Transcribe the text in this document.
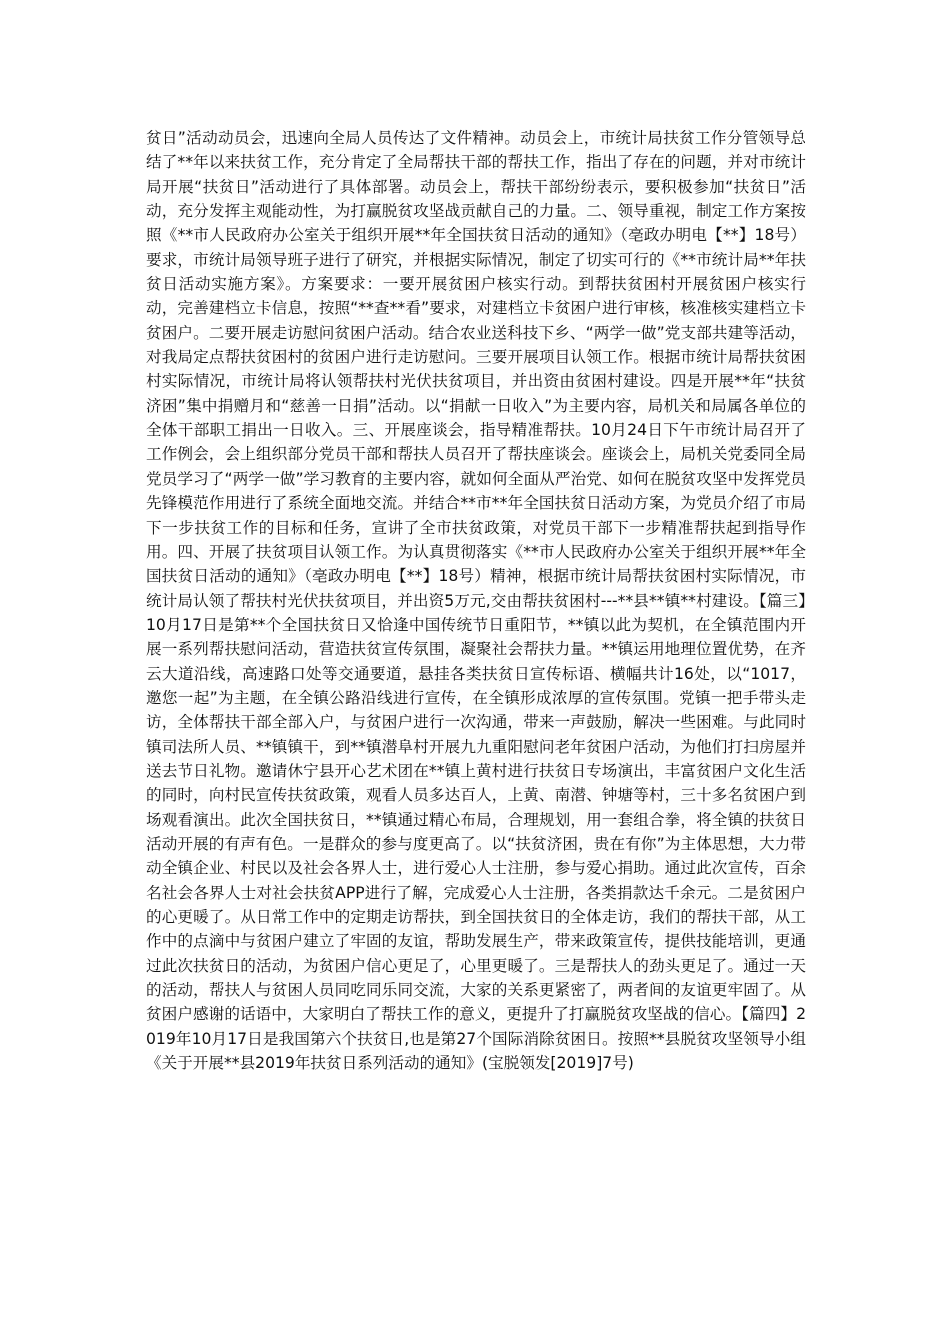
贫日”活动动员会，迅速向全局人员传达了文件精神。动员会上，市统计局扶贫工作分管领导总结了**年以来扶贫工作，充分肯定了全局帮扶干部的帮扶工作，指出了存在的问题，并对市统计局开展“扶贫日”活动进行了具体部署。动员会上，帮扶干部纷纷表示，要积极参加“扶贫日”活动，充分发挥主观能动性，为打赢脱贫攻坚战贡献自己的力量。二、领导重视，制定工作方案按照《**市人民政府办公室关于组织开展**年全国扶贫日活动的通知》（亳政办明电【**】18号）要求，市统计局领导班子进行了研究，并根据实际情况，制定了切实可行的《**市统计局**年扶贫日活动实施方案》。方案要求：一要开展贫困户核实行动。到帮扶贫困村开展贫困户核实行动，完善建档立卡信息，按照“**查**看”要求，对建档立卡贫困户进行审核，核准核实建档立卡贫困户。二要开展走访慰问贫困户活动。结合农业送科技下乡、“两学一做”党支部共建等活动，对我局定点帮扶贫困村的贫困户进行走访慰问。三要开展项目认领工作。根据市统计局帮扶贫困村实际情况，市统计局将认领帮扶村光伏扶贫项目，并出资由贫困村建设。四是开展**年“扶贫济困”集中捐赠月和“慈善一日捐”活动。以“捐献一日收入”为主要内容，局机关和局属各单位的全体干部职工捐出一日收入。三、开展座谈会，指导精准帮扶。10月24日下午市统计局召开了工作例会，会上组织部分党员干部和帮扶人员召开了帮扶座谈会。座谈会上，局机关党委同全局党员学习了“两学一做”学习教育的主要内容，就如何全面从严治党、如何在脱贫攻坚中发挥党员先锋模范作用进行了系统全面地交流。并结合**市**年全国扶贫日活动方案，为党员介绍了市局下一步扶贫工作的目标和任务，宣讲了全市扶贫政策，对党员干部下一步精准帮扶起到指导作用。四、开展了扶贫项目认领工作。为认真贯彻落实《**市人民政府办公室关于组织开展**年全国扶贫日活动的通知》（亳政办明电【**】18号）精神，根据市统计局帮扶贫困村实际情况，市统计局认领了帮扶村光伏扶贫项目，并出资5万元,交由帮扶贫困村---**县**镇**村建设。【篇三】10月17日是第**个全国扶贫日又恰逢中国传统节日重阳节，**镇以此为契机，在全镇范围内开展一系列帮扶慰问活动，营造扶贫宣传氛围，凝聚社会帮扶力量。**镇运用地理位置优势，在齐云大道沿线，高速路口处等交通要道，悬挂各类扶贫日宣传标语、横幅共计16处，以“1017，邀您一起”为主题，在全镇公路沿线进行宣传，在全镇形成浓厚的宣传氛围。党镇一把手带头走访，全体帮扶干部全部入户，与贫困户进行一次沟通，带来一声鼓励，解决一些困难。与此同时镇司法所人员、**镇镇干，到**镇潜阜村开展九九重阳慰问老年贫困户活动，为他们打扫房屋并送去节日礼物。邀请休宁县开心艺术团在**镇上黄村进行扶贫日专场演出，丰富贫困户文化生活的同时，向村民宣传扶贫政策，观看人员多达百人，上黄、南潜、钟塘等村，三十多名贫困户到场观看演出。此次全国扶贫日，**镇通过精心布局，合理规划，用一套组合拳，将全镇的扶贫日活动开展的有声有色。一是群众的参与度更高了。以“扶贫济困，贵在有你”为主体思想，大力带动全镇企业、村民以及社会各界人士，进行爱心人士注册，参与爱心捐助。通过此次宣传，百余名社会各界人士对社会扶贫APP进行了解，完成爱心人士注册，各类捐款达千余元。二是贫困户的心更暖了。从日常工作中的定期走访帮扶，到全国扶贫日的全体走访，我们的帮扶干部，从工作中的点滴中与贫困户建立了牢固的友谊，帮助发展生产，带来政策宣传，提供技能培训，更通过此次扶贫日的活动，为贫困户信心更足了，心里更暖了。三是帮扶人的劲头更足了。通过一天的活动，帮扶人与贫困人员同吃同乐同交流，大家的关系更紧密了，两者间的友谊更牢固了。从贫困户感谢的话语中，大家明白了帮扶工作的意义，更提升了打赢脱贫攻坚战的信心。【篇四】2019年10月17日是我国第六个扶贫日,也是第27个国际消除贫困日。按照**县脱贫攻坚领导小组《关于开展**县2019年扶贫日系列活动的通知》(宝脱领发[2019]7号)
